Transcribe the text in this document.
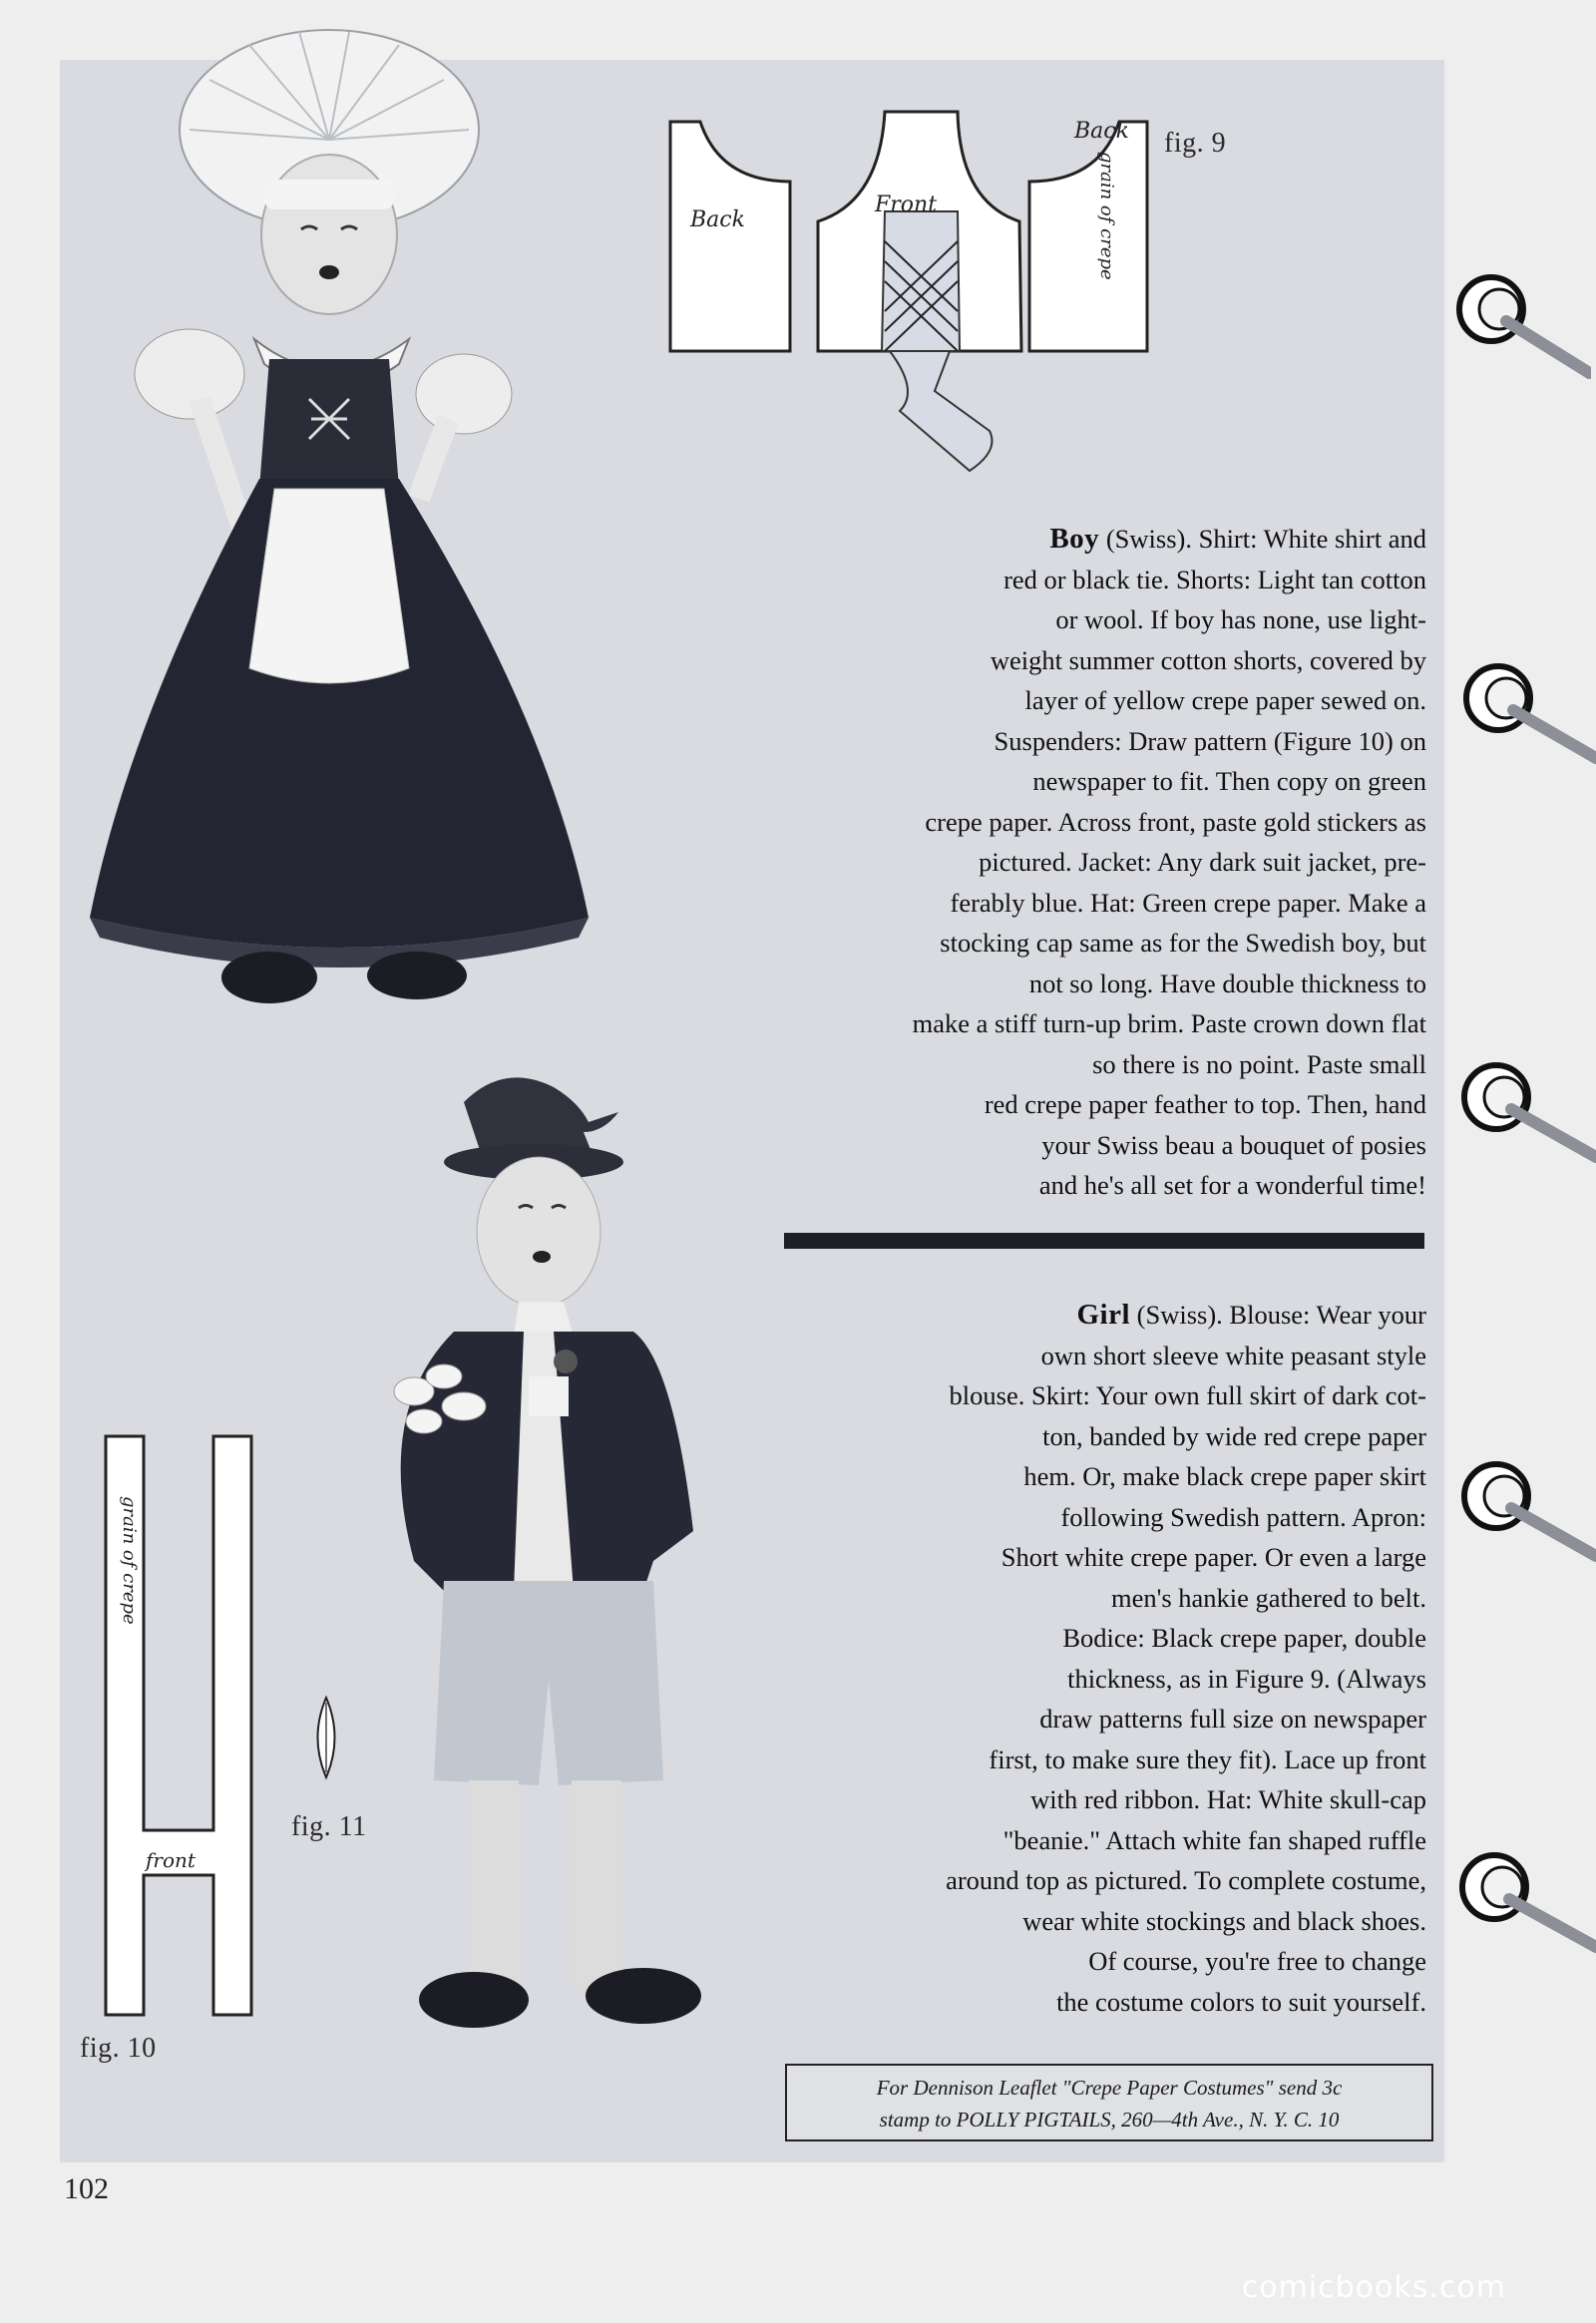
Back
Front
Back
grain of crepe
fig. 9
grain of crepe
front
fig. 10
fig. 11
Boy (Swiss). Shirt: White shirt and
red or black tie. Shorts: Light tan cotton
or wool. If boy has none, use light-
weight summer cotton shorts, covered by
layer of yellow crepe paper sewed on.
Suspenders: Draw pattern (Figure 10) on
newspaper to fit. Then copy on green
crepe paper. Across front, paste gold stickers as
pictured. Jacket: Any dark suit jacket, pre-
ferably blue. Hat: Green crepe paper. Make a
stocking cap same as for the Swedish boy, but
not so long. Have double thickness to
make a stiff turn-up brim. Paste crown down flat
so there is no point. Paste small
red crepe paper feather to top. Then, hand
your Swiss beau a bouquet of posies
and he's all set for a wonderful time!
Girl (Swiss). Blouse: Wear your
own short sleeve white peasant style
blouse. Skirt: Your own full skirt of dark cot-
ton, banded by wide red crepe paper
hem. Or, make black crepe paper skirt
following Swedish pattern. Apron:
Short white crepe paper. Or even a large
men's hankie gathered to belt.
Bodice: Black crepe paper, double
thickness, as in Figure 9. (Always
draw patterns full size on newspaper
first, to make sure they fit). Lace up front
with red ribbon. Hat: White skull-cap
"beanie." Attach white fan shaped ruffle
around top as pictured. To complete costume,
wear white stockings and black shoes.
Of course, you're free to change
the costume colors to suit yourself.
For Dennison Leaflet "Crepe Paper Costumes" send 3c
stamp to POLLY PIGTAILS, 260—4th Ave., N. Y. C. 10
102
comicbooks.com
